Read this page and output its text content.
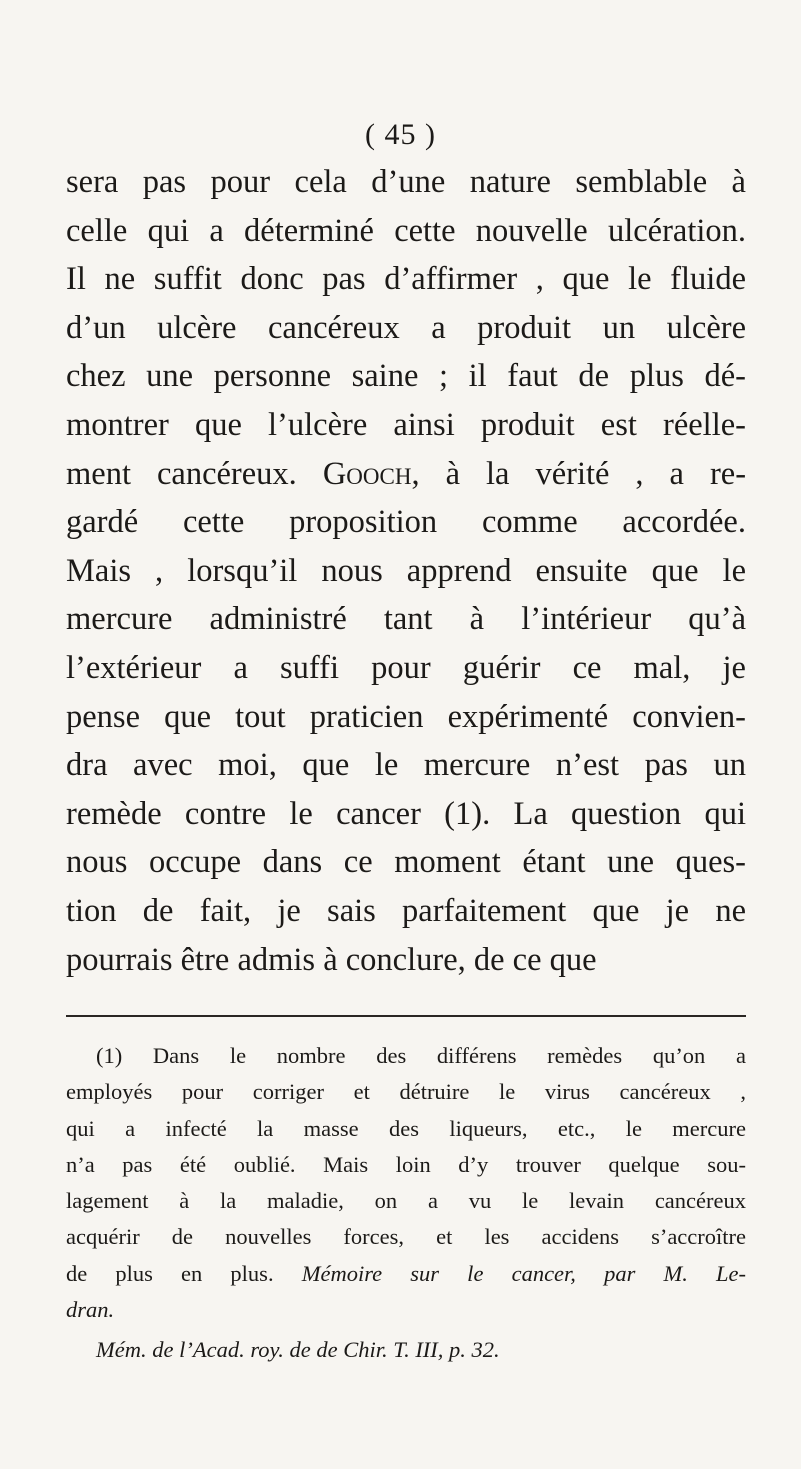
( 45 )
sera pas pour cela d’une nature semblable à
celle qui a déterminé cette nouvelle ulcération.
Il ne suffit donc pas d’affirmer , que le fluide
d’un ulcère cancéreux a produit un ulcère
chez une personne saine ; il faut de plus dé-
montrer que l’ulcère ainsi produit est réelle-
ment cancéreux. Gooch, à la vérité , a re-
gardé cette proposition comme accordée.
Mais , lorsqu’il nous apprend ensuite que le
mercure administré tant à l’intérieur qu’à
l’extérieur a suffi pour guérir ce mal, je
pense que tout praticien expérimenté convien-
dra avec moi, que le mercure n’est pas un
remède contre le cancer (1). La question qui
nous occupe dans ce moment étant une ques-
tion de fait, je sais parfaitement que je ne
pourrais être admis à conclure, de ce que
(1) Dans le nombre des différens remèdes qu’on a
employés pour corriger et détruire le virus cancéreux ,
qui a infecté la masse des liqueurs, etc., le mercure
n’a pas été oublié. Mais loin d’y trouver quelque sou-
lagement à la maladie, on a vu le levain cancéreux
acquérir de nouvelles forces, et les accidens s’accroître
de plus en plus. Mémoire sur le cancer, par M. Le-
dran.
Mém. de l’Acad. roy. de de Chir. T. III, p. 32.
